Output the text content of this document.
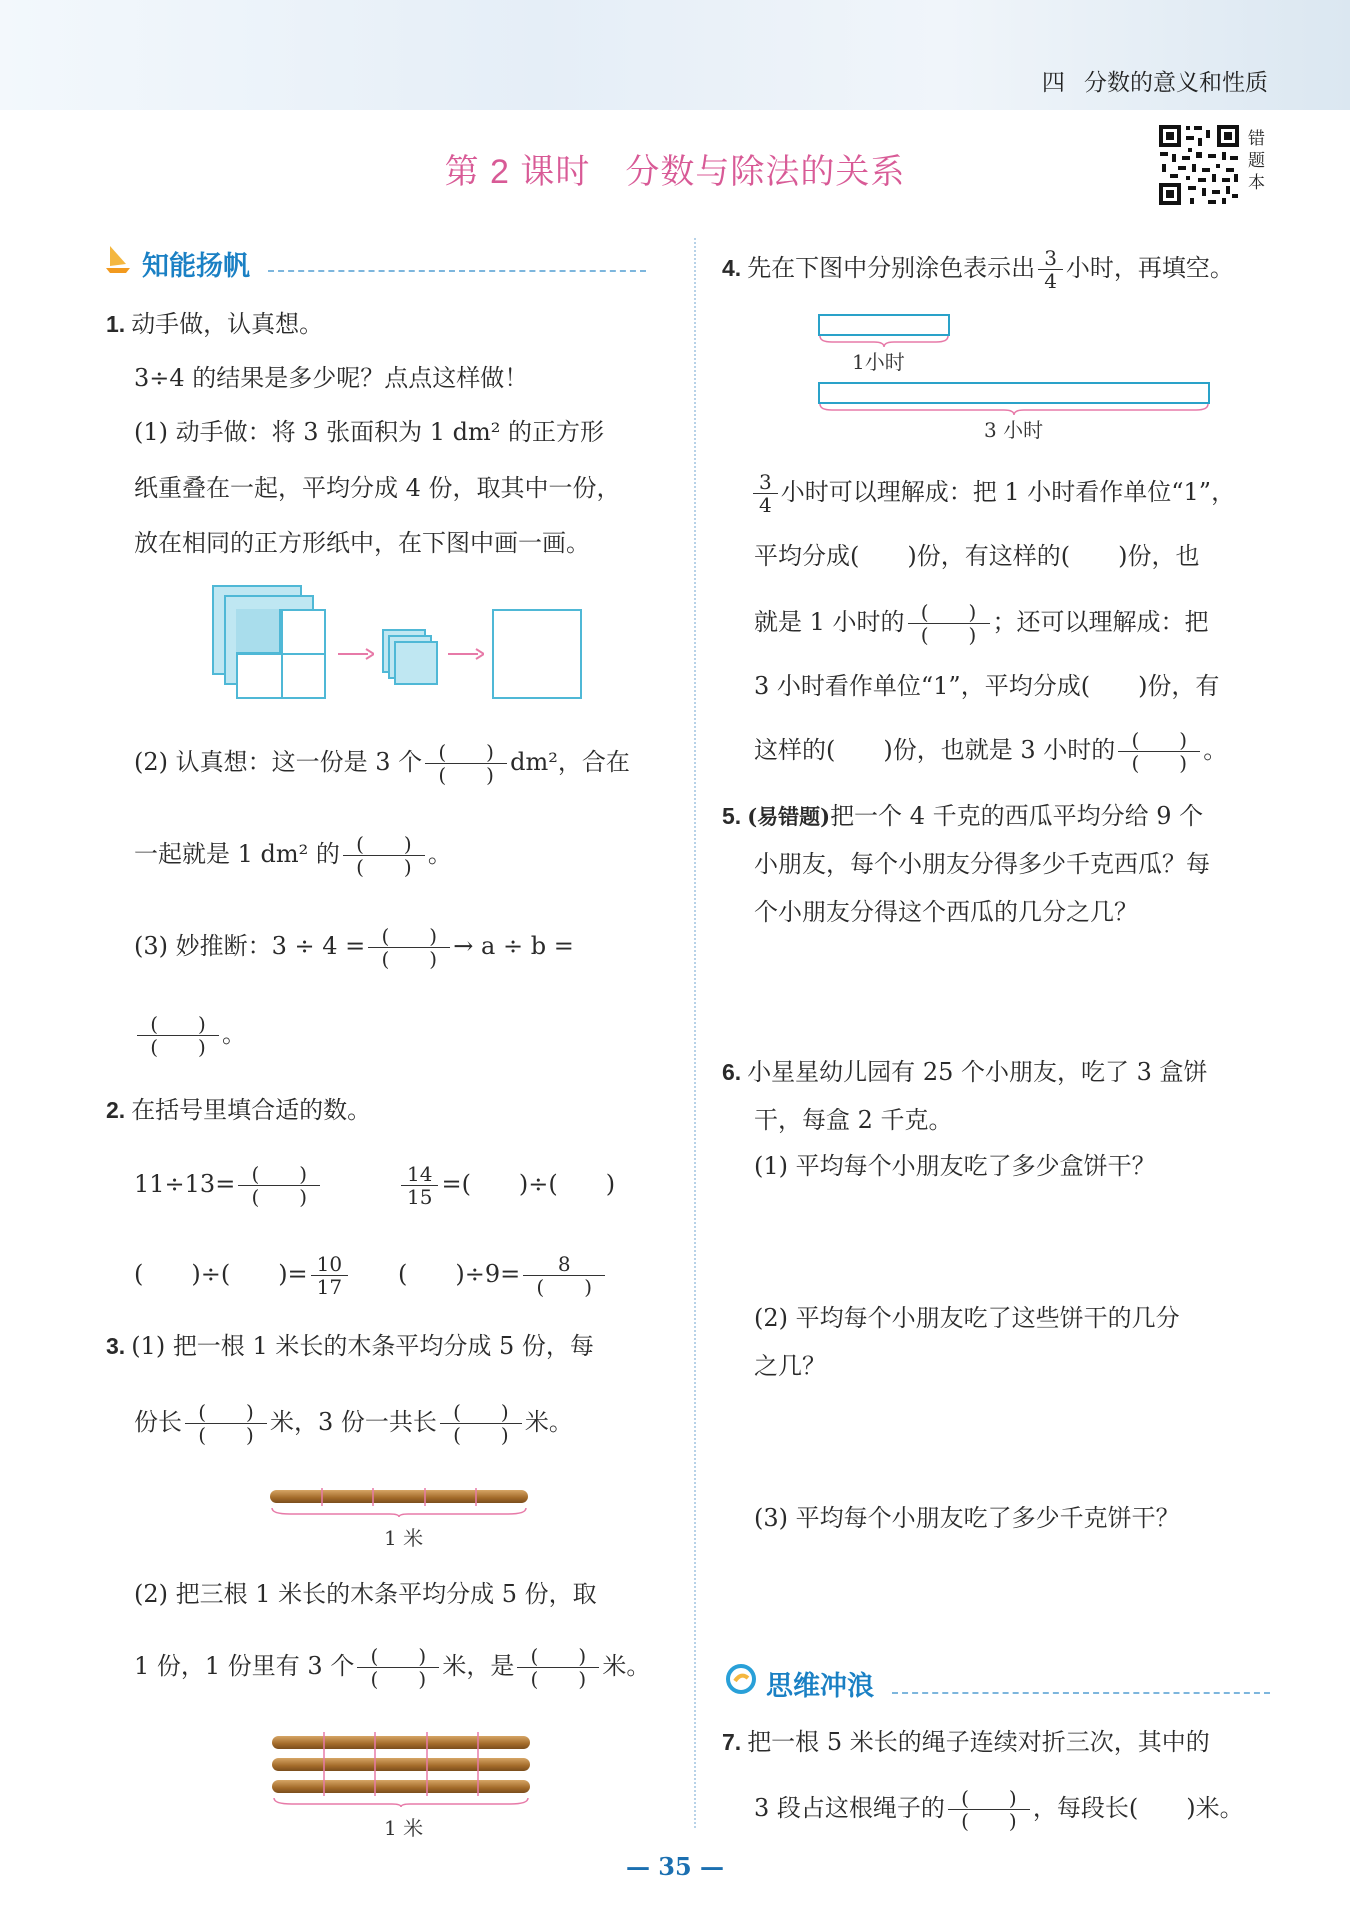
四 分数的意义和性质
第 2 课时　分数与除法的关系
错题本
知能扬帆
1. 动手做，认真想。
3÷4 的结果是多少呢？点点这样做！
(1) 动手做：将 3 张面积为 1 dm² 的正方形
纸重叠在一起，平均分成 4 份，取其中一份，
放在相同的正方形纸中，在下图中画一画。
(2) 认真想：这一份是 3 个 $\frac{( )}{( )} dm^2$，合在
一起就是 1 dm² 的 $\frac{( )}{( )}$ 。
(3) 妙推断：$3 \div 4 = \frac{( )}{( )} \to a \div b$ =
$\frac{( )}{( )}$ 。
2. 在括号里填合适的数。
$11\div 13= \frac{( )}{( )}$	$\frac{14}{15}$ =(　　)÷(　　)
(　　)÷(　　)= $\frac{10}{17}$ (　　)$\div 9= \frac{8}{( )}$
3. (1) 把一根 1 米长的木条平均分成 5 份，每
份长 $\frac{( )}{( )}$ 米，3 份一共长 $\frac{( )}{( )}$ 米。
1 米
(2) 把三根 1 米长的木条平均分成 5 份，取
1 份，1 份里有 3 个 $\frac{( )}{( )}$ 米，是 $\frac{( )}{( )}$ 米。
1 米
4. 先在下图中分别涂色表示出 $\frac{3}{4}$ 小时，再填空。
1小时
3 小时
$\frac{3}{4}$ 小时可以理解成：把 1 小时看作单位“1”，
平均分成(　　)份，有这样的(　　)份，也
就是 1 小时的 $\frac{( )}{( )}$ ；还可以理解成：把
3 小时看作单位“1”，平均分成(　　)份，有
这样的(　　)份，也就是 3 小时的 $\frac{( )}{( )}$ 。
5. (易错题)把一个 4 千克的西瓜平均分给 9 个
小朋友，每个小朋友分得多少千克西瓜？每
个小朋友分得这个西瓜的几分之几？
6. 小星星幼儿园有 25 个小朋友，吃了 3 盒饼
干，每盒 2 千克。
(1) 平均每个小朋友吃了多少盒饼干？
(2) 平均每个小朋友吃了这些饼干的几分
之几？
(3) 平均每个小朋友吃了多少千克饼干？
思维冲浪
7. 把一根 5 米长的绳子连续对折三次，其中的
3 段占这根绳子的 $\frac{( )}{( )}$ ，每段长(　　)米。
— 35 —
